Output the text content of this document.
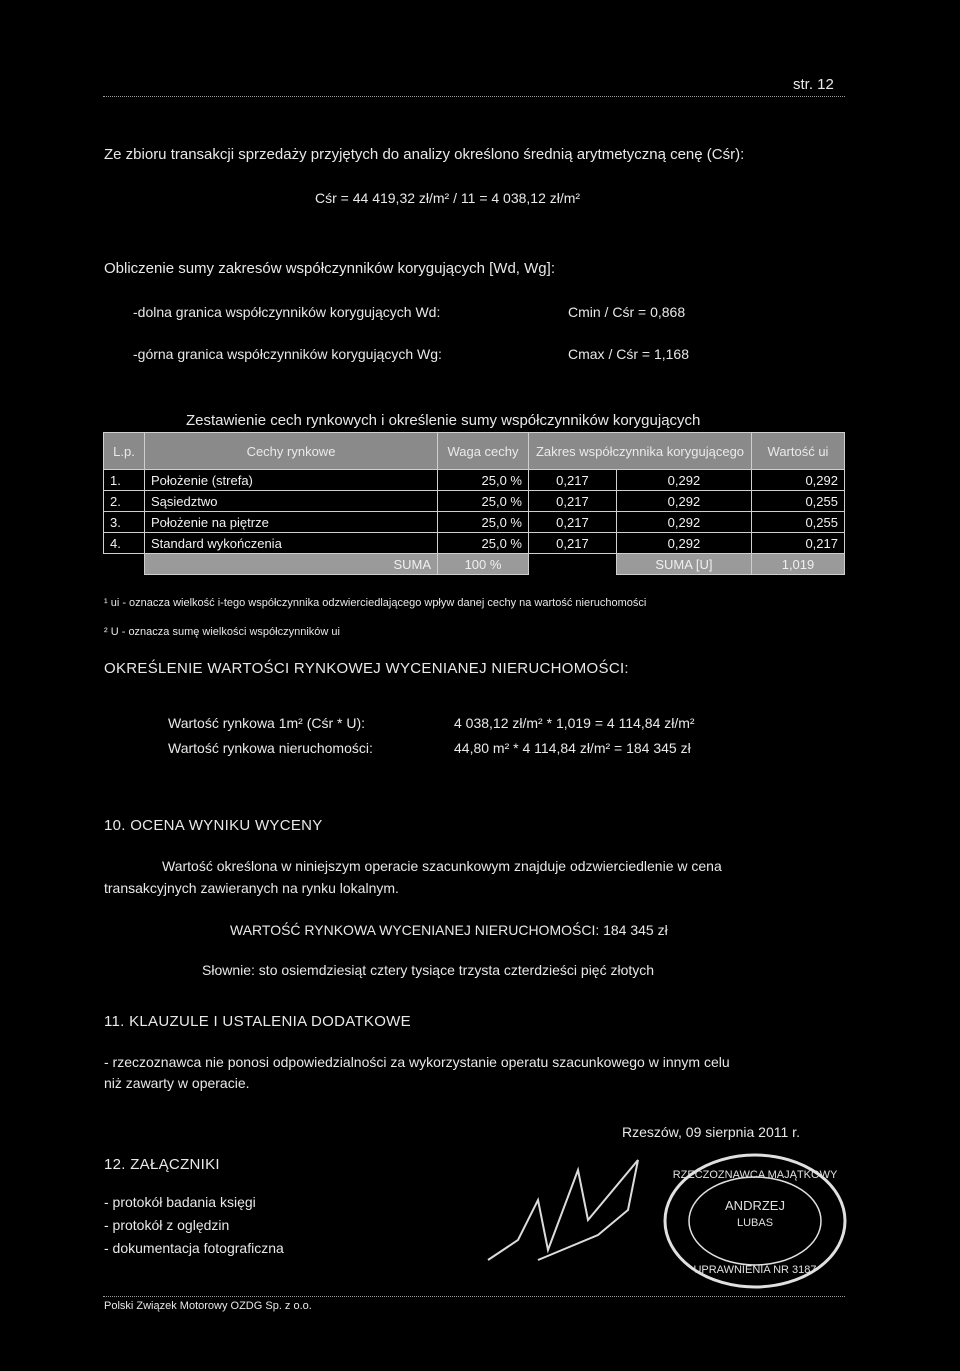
str. 12
Ze zbioru transakcji sprzedaży przyjętych do analizy określono średnią arytmetyczną cenę (Cśr):
Cśr = 44 419,32 zł/m² / 11 = 4 038,12 zł/m²
Obliczenie sumy zakresów współczynników korygujących [Wd, Wg]:
-dolna granica współczynników korygujących Wd:	Cmin / Cśr = 0,868
-górna granica współczynników korygujących Wg:	Cmax / Cśr = 1,168
Zestawienie cech rynkowych i określenie sumy współczynników korygujących
L.p.	Cechy rynkowe	Waga cechy	Zakres współczynnika korygującego		Wartość ui
1.	Położenie (strefa)	25,0 %	0,217	0,292	0,292
2.	Sąsiedztwo	25,0 %	0,217	0,292	0,255
3.	Położenie na piętrze	25,0 %	0,217	0,292	0,255
4.	Standard wykończenia	25,0 %	0,217	0,292	0,217
	SUMA	100 %		SUMA [U]	1,019
¹ ui - oznacza wielkość i-tego współczynnika odzwierciedlającego wpływ danej cechy na wartość nieruchomości
² U - oznacza sumę wielkości współczynników ui
OKREŚLENIE WARTOŚCI RYNKOWEJ WYCENIANEJ NIERUCHOMOŚCI:
Wartość rynkowa 1m² (Cśr * U):	4 038,12 zł/m² * 1,019 = 4 114,84 zł/m²
Wartość rynkowa nieruchomości:	44,80 m² * 4 114,84 zł/m² = 184 345 zł
10. OCENA WYNIKU WYCENY
Wartość określona w niniejszym operacie szacunkowym znajduje odzwierciedlenie w cena
transakcyjnych zawieranych na rynku lokalnym.
WARTOŚĆ RYNKOWA WYCENIANEJ NIERUCHOMOŚCI: 184 345 zł
Słownie: sto osiemdziesiąt cztery tysiące trzysta czterdzieści pięć złotych
11. KLAUZULE I USTALENIA DODATKOWE
- rzeczoznawca nie ponosi odpowiedzialności za wykorzystanie operatu szacunkowego w innym celu
niż zawarty w operacie.
Rzeszów, 09 sierpnia 2011 r.
12. ZAŁĄCZNIKI
- protokół badania księgi
- protokół z oględzin
- dokumentacja fotograficzna
RZECZOZNAWCA MAJĄTKOWY
ANDRZEJ
LUBAS
UPRAWNIENIA NR 3187
Polski Związek Motorowy OZDG Sp. z o.o.
